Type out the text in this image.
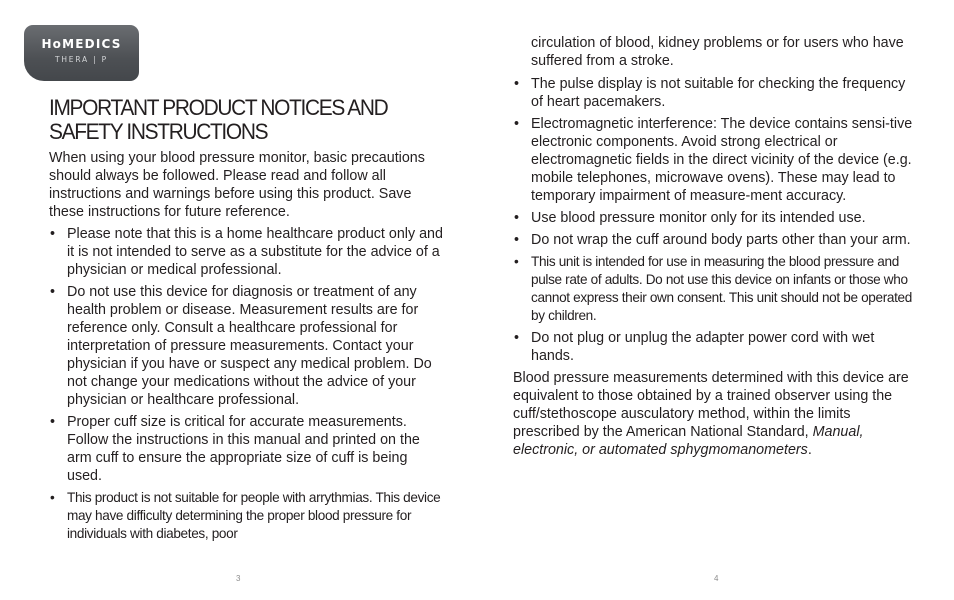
HoMEDICS
THERA | P
IMPORTANT PRODUCT NOTICES AND SAFETY INSTRUCTIONS

When using your blood pressure monitor, basic precautions should always be followed. Please read and follow all instructions and warnings before using this product. Save these instructions for future reference.

• Please note that this is a home healthcare product only and it is not intended to serve as a substitute for the advice of a physician or medical professional.
• Do not use this device for diagnosis or treatment of any health problem or disease. Measurement results are for reference only. Consult a healthcare professional for interpretation of pressure measurements. Contact your physician if you have or suspect any medical problem. Do not change your medications without the advice of your physician or healthcare professional.
• Proper cuff size is critical for accurate measurements. Follow the instructions in this manual and printed on the arm cuff to ensure the appropriate size of cuff is being used.
• This product is not suitable for people with arrythmias. This device may have difficulty determining the proper blood pressure for individuals with diabetes, poor

circulation of blood, kidney problems or for users who have suffered from a stroke.

• The pulse display is not suitable for checking the frequency of heart pacemakers.
• Electromagnetic interference: The device contains sensi-tive electronic components. Avoid strong electrical or electromagnetic fields in the direct vicinity of the device (e.g. mobile telephones, microwave ovens). These may lead to temporary impairment of measure-ment accuracy.
• Use blood pressure monitor only for its intended use.
• Do not wrap the cuff around body parts other than your arm.
• This unit is intended for use in measuring the blood pressure and pulse rate of adults. Do not use this device on infants or those who cannot express their own consent. This unit should not be operated by children.
• Do not plug or unplug the adapter power cord with wet hands.

Blood pressure measurements determined with this device are equivalent to those obtained by a trained observer using the cuff/stethoscope ausculatory method, within the limits prescribed by the American National Standard, Manual, electronic, or automated sphygmomanometers.

3	4
